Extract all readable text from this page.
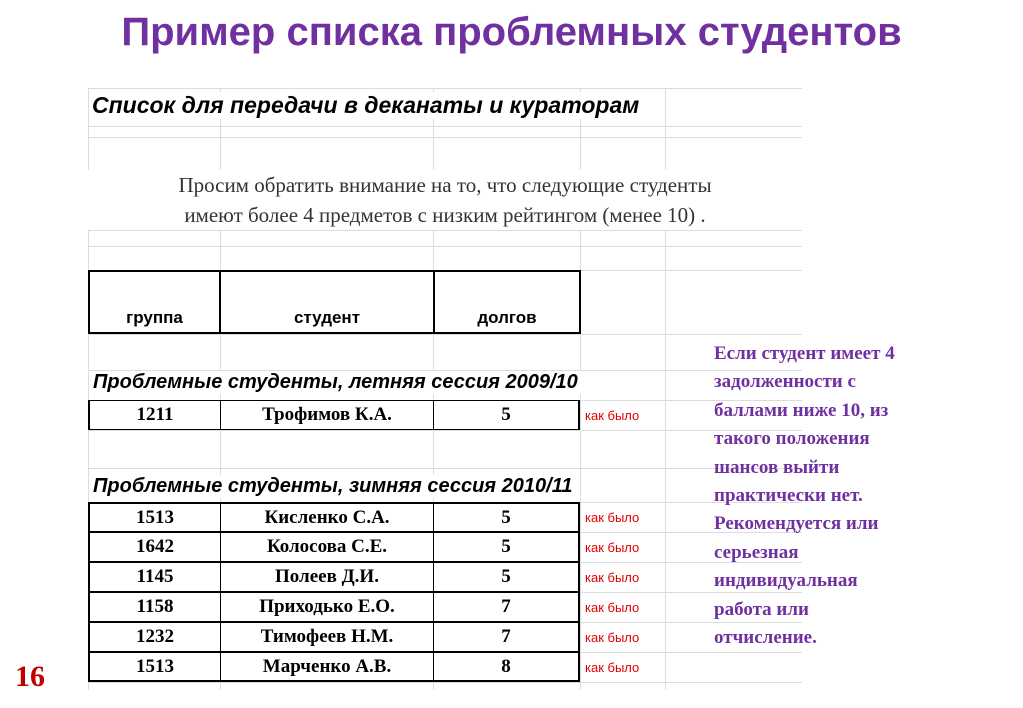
Пример списка проблемных студентов
Список для передачи в деканаты и кураторам
Просим обратить внимание на то, что следующие студенты
имеют более 4 предметов с низким рейтингом (менее 10) .
группа	студент	долгов
Проблемные студенты, летняя сессия 2009/10
1211	Трофимов К.А.	5	как было
Проблемные студенты, зимняя сессия 2010/11
1513	Кисленко С.А.	5	как было
1642	Колосова С.Е.	5	как было
1145	Полеев Д.И.	5	как было
1158	Приходько Е.О.	7	как было
1232	Тимофеев Н.М.	7	как было
1513	Марченко А.В.	8	как было
Если студент имеет 4
задолженности с
баллами ниже 10, из
такого положения
шансов выйти
практически нет.
Рекомендуется или
серьезная
индивидуальная
работа или
отчисление.
16
